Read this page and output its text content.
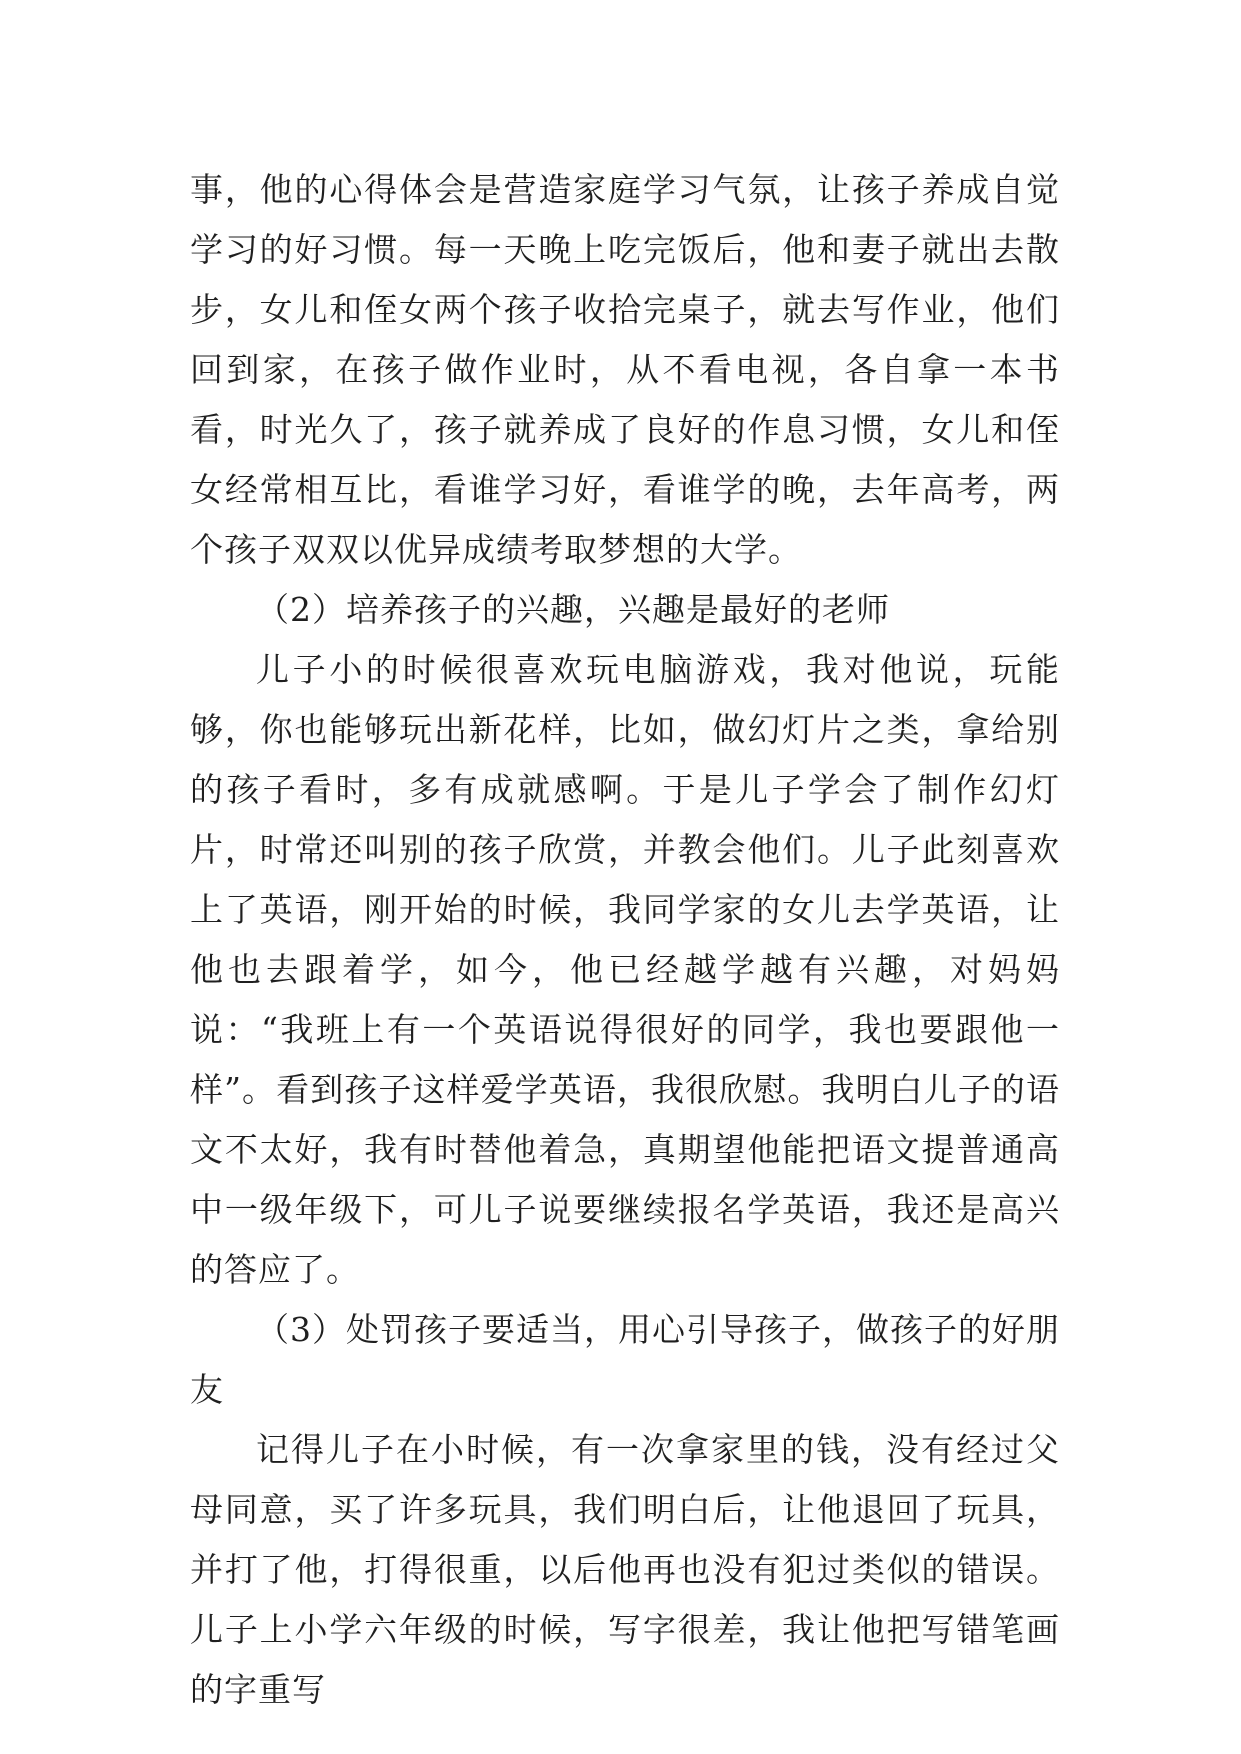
事，他的心得体会是营造家庭学习气氛，让孩子养成自觉学习的好习惯。每一天晚上吃完饭后，他和妻子就出去散步，女儿和侄女两个孩子收拾完桌子，就去写作业，他们回到家，在孩子做作业时，从不看电视，各自拿一本书看，时光久了，孩子就养成了良好的作息习惯，女儿和侄女经常相互比，看谁学习好，看谁学的晚，去年高考，两个孩子双双以优异成绩考取梦想的大学。

（2）培养孩子的兴趣，兴趣是最好的老师

儿子小的时候很喜欢玩电脑游戏，我对他说，玩能够，你也能够玩出新花样，比如，做幻灯片之类，拿给别的孩子看时，多有成就感啊。于是儿子学会了制作幻灯片，时常还叫别的孩子欣赏，并教会他们。儿子此刻喜欢上了英语，刚开始的时候，我同学家的女儿去学英语，让他也去跟着学，如今，他已经越学越有兴趣，对妈妈说：“我班上有一个英语说得很好的同学，我也要跟他一样”。看到孩子这样爱学英语，我很欣慰。我明白儿子的语文不太好，我有时替他着急，真期望他能把语文提普通高中一级年级下，可儿子说要继续报名学英语，我还是高兴的答应了。

（3）处罚孩子要适当，用心引导孩子，做孩子的好朋友

记得儿子在小时候，有一次拿家里的钱，没有经过父母同意，买了许多玩具，我们明白后，让他退回了玩具，并打了他，打得很重，以后他再也没有犯过类似的错误。儿子上小学六年级的时候，写字很差，我让他把写错笔画的字重写
